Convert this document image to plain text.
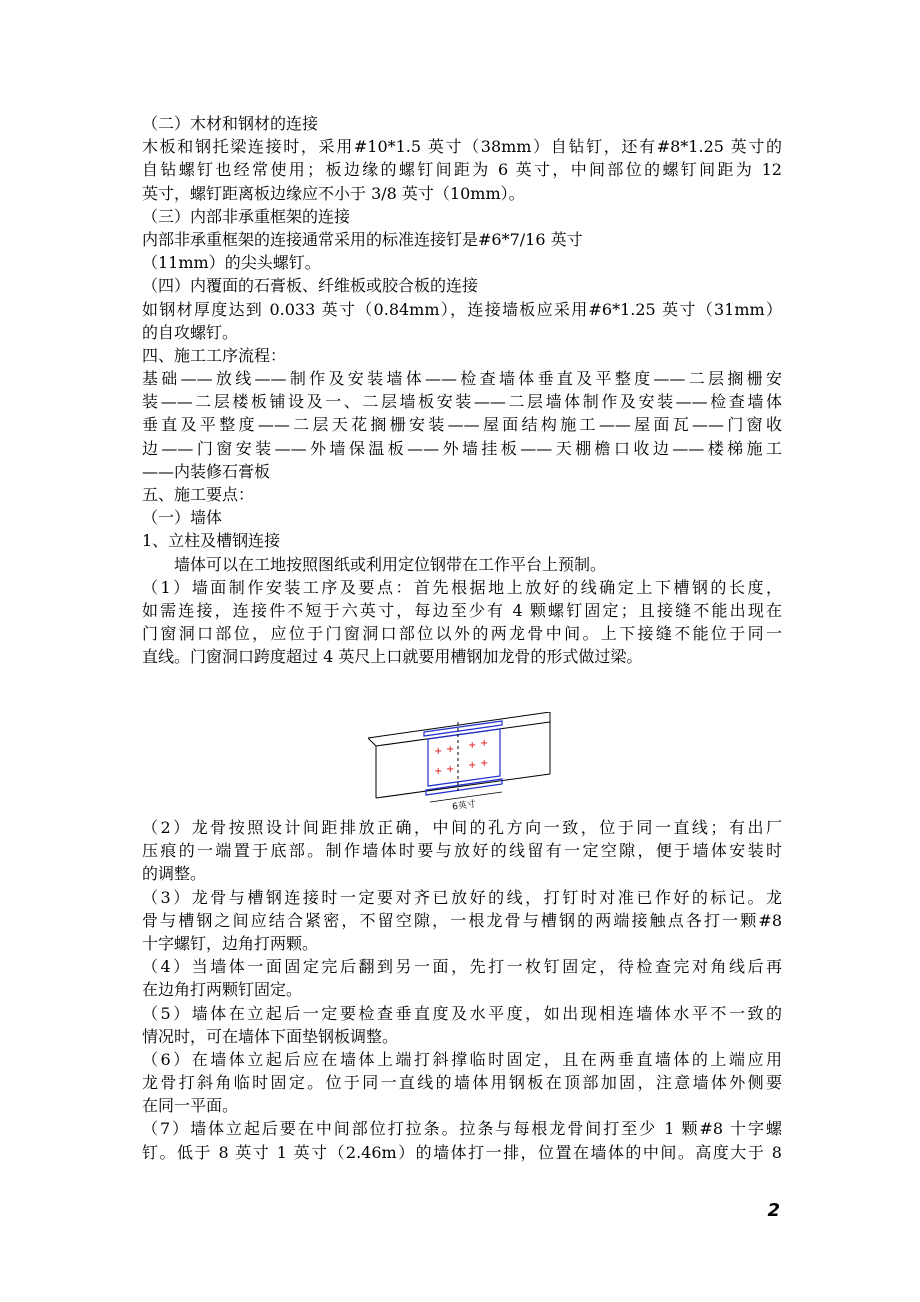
（二）木材和钢材的连接
木板和钢托梁连接时，采用#10*1.5 英寸（38mm）自钻钉，还有#8*1.25 英寸的
自钻螺钉也经常使用；板边缘的螺钉间距为 6 英寸，中间部位的螺钉间距为 12
英寸，螺钉距离板边缘应不小于 3/8 英寸（10mm）。
（三）内部非承重框架的连接
内部非承重框架的连接通常采用的标准连接钉是#6*7/16 英寸
（11mm）的尖头螺钉。
（四）内覆面的石膏板、纤维板或胶合板的连接
如钢材厚度达到 0.033 英寸（0.84mm），连接墙板应采用#6*1.25 英寸（31mm）
的自攻螺钉。
四、施工工序流程：
基础——放线——制作及安装墙体——检查墙体垂直及平整度——二层搁栅安
装——二层楼板铺设及一、二层墙板安装——二层墙体制作及安装——检查墙体
垂直及平整度——二层天花搁栅安装——屋面结构施工——屋面瓦——门窗收
边——门窗安装——外墙保温板——外墙挂板——天棚檐口收边——楼梯施工
——内装修石膏板
五、施工要点：
（一）墙体
1、立柱及槽钢连接
　　墙体可以在工地按照图纸或利用定位钢带在工作平台上预制。
（1）墙面制作安装工序及要点：首先根据地上放好的线确定上下槽钢的长度，
如需连接，连接件不短于六英寸，每边至少有 4 颗螺钉固定；且接缝不能出现在
门窗洞口部位，应位于门窗洞口部位以外的两龙骨中间。上下接缝不能位于同一
直线。门窗洞口跨度超过 4 英尺上口就要用槽钢加龙骨的形式做过梁。
+ +
+ +
+ +
+ +
6英寸
（2）龙骨按照设计间距排放正确，中间的孔方向一致，位于同一直线；有出厂
压痕的一端置于底部。制作墙体时要与放好的线留有一定空隙，便于墙体安装时
的调整。
（3）龙骨与槽钢连接时一定要对齐已放好的线，打钉时对准已作好的标记。龙
骨与槽钢之间应结合紧密，不留空隙，一根龙骨与槽钢的两端接触点各打一颗#8
十字螺钉，边角打两颗。
（4）当墙体一面固定完后翻到另一面，先打一枚钉固定，待检查完对角线后再
在边角打两颗钉固定。
（5）墙体在立起后一定要检查垂直度及水平度，如出现相连墙体水平不一致的
情况时，可在墙体下面垫钢板调整。
（6）在墙体立起后应在墙体上端打斜撑临时固定，且在两垂直墙体的上端应用
龙骨打斜角临时固定。位于同一直线的墙体用钢板在顶部加固，注意墙体外侧要
在同一平面。
（7）墙体立起后要在中间部位打拉条。拉条与每根龙骨间打至少 1 颗#8 十字螺
钉。低于 8 英寸 1 英寸（2.46m）的墙体打一排，位置在墙体的中间。高度大于 8
2
